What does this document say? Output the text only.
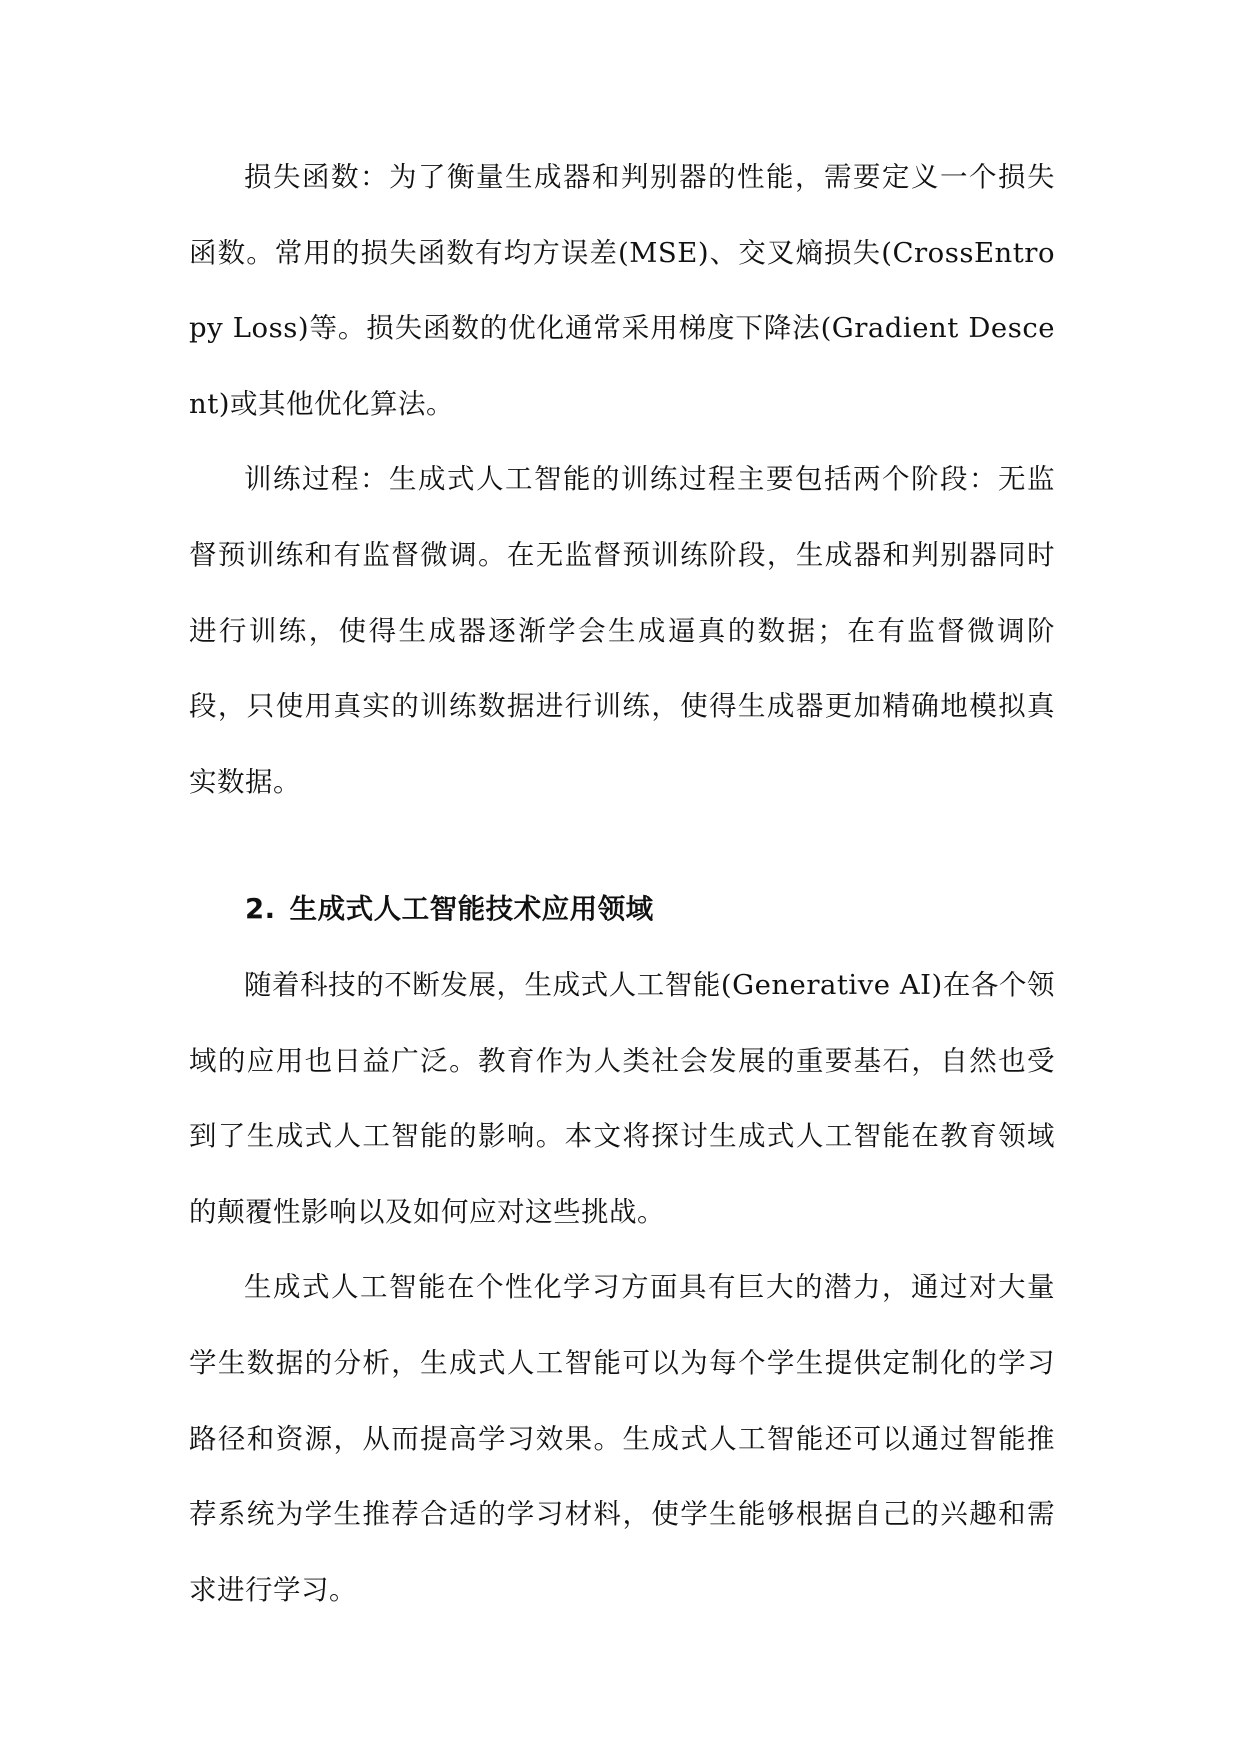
损失函数：为了衡量生成器和判别器的性能，需要定义一个损失函数。常用的损失函数有均方误差(MSE)、交叉熵损失(CrossEntropy Loss)等。损失函数的优化通常采用梯度下降法(Gradient Descent)或其他优化算法。

训练过程：生成式人工智能的训练过程主要包括两个阶段：无监督预训练和有监督微调。在无监督预训练阶段，生成器和判别器同时进行训练，使得生成器逐渐学会生成逼真的数据；在有监督微调阶段，只使用真实的训练数据进行训练，使得生成器更加精确地模拟真实数据。

2. 生成式人工智能技术应用领域

随着科技的不断发展，生成式人工智能(Generative AI)在各个领域的应用也日益广泛。教育作为人类社会发展的重要基石，自然也受到了生成式人工智能的影响。本文将探讨生成式人工智能在教育领域的颠覆性影响以及如何应对这些挑战。

生成式人工智能在个性化学习方面具有巨大的潜力，通过对大量学生数据的分析，生成式人工智能可以为每个学生提供定制化的学习路径和资源，从而提高学习效果。生成式人工智能还可以通过智能推荐系统为学生推荐合适的学习材料，使学生能够根据自己的兴趣和需求进行学习。
